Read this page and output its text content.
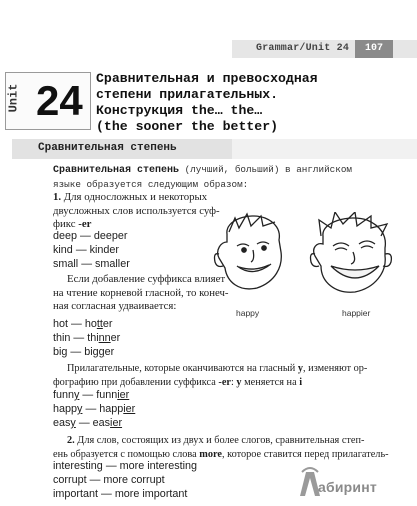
Grammar/Unit 24	107
Unit 24 Сравнительная и превосходная
степени прилагательных.
Конструкция the… the…
(the sooner the better)
Сравнительная степень
Сравнительная степень (лучший, больший) в английском
языке образуется следующим образом:
1. Для односложных и некоторых
двусложных слов используется суф-
фикс -er
deep — deeper
kind — kinder
small — smaller
happy	happier
Если добавление суффикса влияет
на чтение корневой гласной, то конеч-
ная согласная удваивается:
hot — hotter
thin — thinner
big — bigger
Прилагательные, которые оканчиваются на гласный y, изменяют ор-
фографию при добавлении суффикса -er: y меняется на i
funny — funnier
happy — happier
easy — easier
2. Для слов, состоящих из двух и более слогов, сравнительная степ-
ень образуется с помощью слова more, которое ставится перед прилагатель-
interesting — more interesting
corrupt — more corrupt
important — more important	абиринт
